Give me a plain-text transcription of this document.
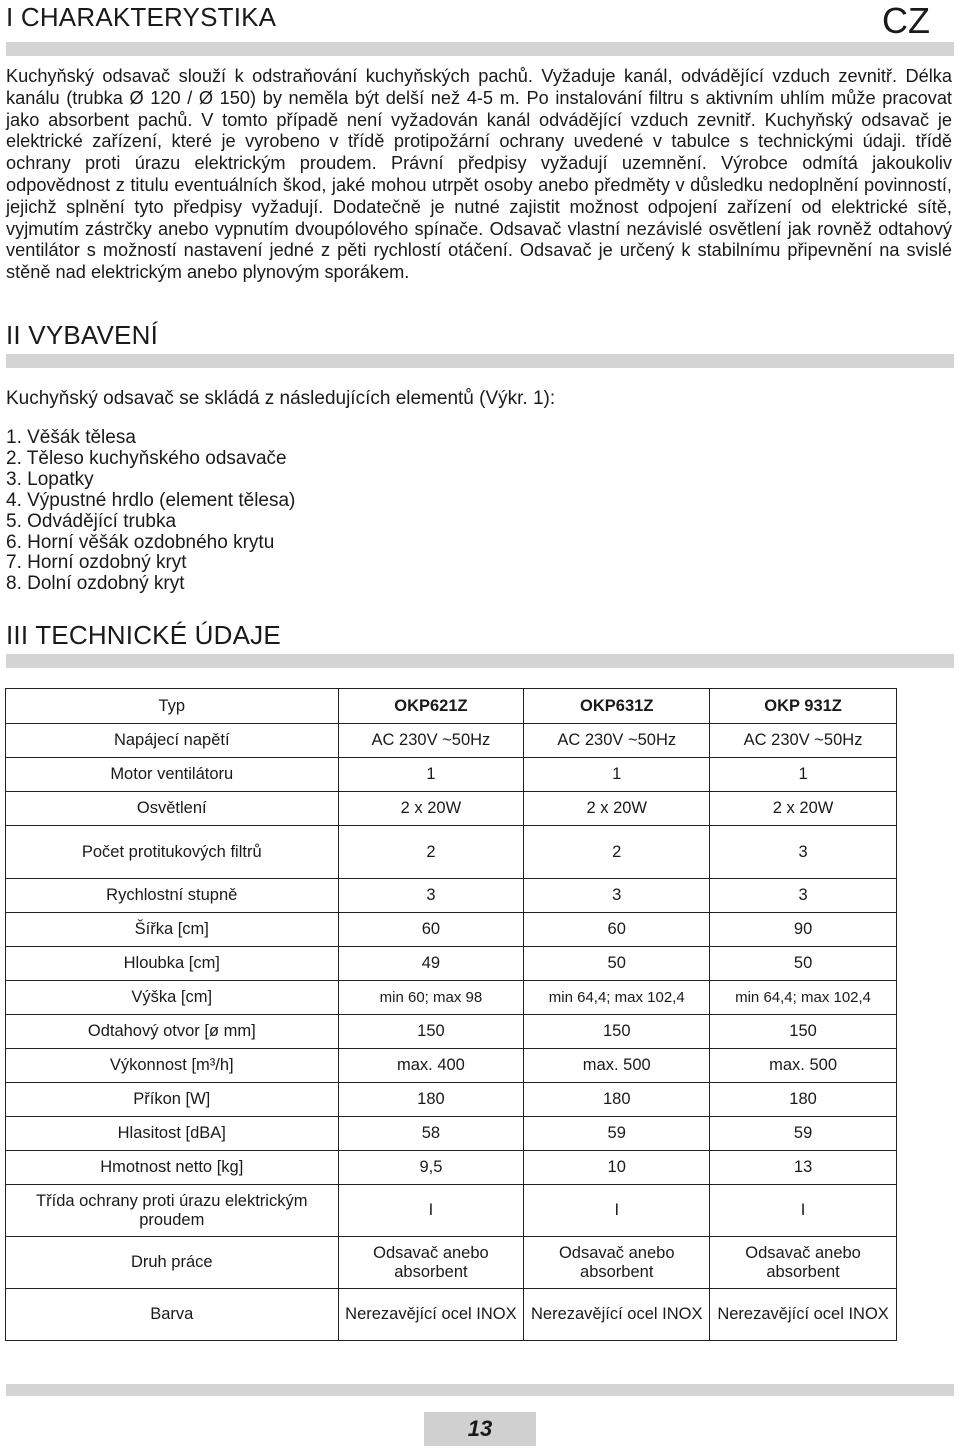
I CHARAKTERYSTIKA	CZ
Kuchyňský odsavač slouží k odstraňování kuchyňských pachů. Vyžaduje kanál, odvádějící vzduch zevnitř. Délka kanálu (trubka Ø 120 / Ø 150) by neměla být delší než 4-5 m. Po instalování filtru s aktivním uhlím může pracovat jako absorbent pachů. V tomto případě není vyžadován kanál odvádějící vzduch zevnitř. Kuchyňský odsavač je elektrické zařízení, které je vyrobeno v třídě protipožární ochrany uvedené v tabulce s technickými údaji. třídě ochrany proti úrazu elektrickým proudem. Právní předpisy vyžadují uzemnění. Výrobce odmítá jakoukoliv odpovědnost z titulu eventuálních škod, jaké mohou utrpět osoby anebo předměty v důsledku nedoplnění povinností, jejichž splnění tyto předpisy vyžadují. Dodatečně je nutné zajistit možnost odpojení zařízení od elektrické sítě, vyjmutím zástrčky anebo vypnutím dvoupólového spínače. Odsavač vlastní nezávislé osvětlení jak rovněž odtahový ventilátor s možností nastavení jedné z pěti rychlostí otáčení. Odsavač je určený k stabilnímu připevnění na svislé stěně nad elektrickým anebo plynovým sporákem.
II VYBAVENÍ
Kuchyňský odsavač se skládá z následujících elementů (Výkr. 1):
1. Věšák tělesa
2. Těleso kuchyňského odsavače
3. Lopatky
4. Výpustné hrdlo (element tělesa)
5. Odvádějící trubka
6. Horní věšák ozdobného krytu
7. Horní ozdobný kryt
8. Dolní ozdobný kryt
III TECHNICKÉ ÚDAJE
Typ	OKP621Z	OKP631Z	OKP 931Z
Napájecí napětí	AC 230V ~50Hz	AC 230V ~50Hz	AC 230V ~50Hz
Motor ventilátoru	1	1	1
Osvětlení	2 x 20W	2 x 20W	2 x 20W
Počet protitukových filtrů	2	2	3
Rychlostní stupně	3	3	3
Šířka [cm]	60	60	90
Hloubka [cm]	49	50	50
Výška [cm]	min 60; max 98	min 64,4; max 102,4	min 64,4; max 102,4
Odtahový otvor [ø mm]	150	150	150
Výkonnost [m³/h]	max. 400	max. 500	max. 500
Příkon [W]	180	180	180
Hlasitost [dBA]	58	59	59
Hmotnost netto [kg]	9,5	10	13
Třída ochrany proti úrazu elektrickým proudem	I	I	I
Druh práce	Odsavač anebo absorbent	Odsavač anebo absorbent	Odsavač anebo absorbent
Barva	Nerezavějící ocel INOX	Nerezavějící ocel INOX	Nerezavějící ocel INOX
13
